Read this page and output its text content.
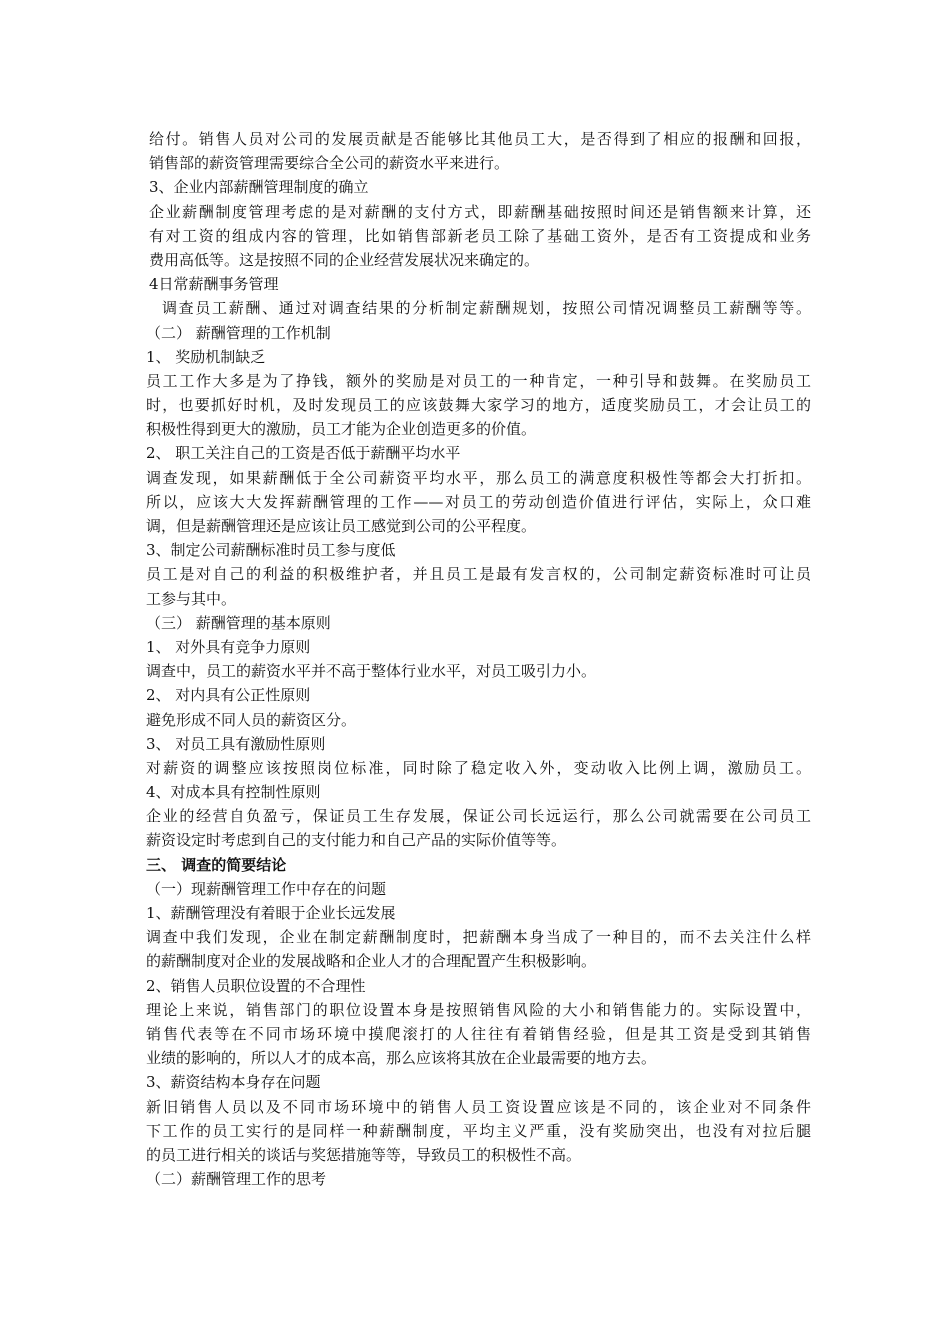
给付。销售人员对公司的发展贡献是否能够比其他员工大，是否得到了相应的报酬和回报，
销售部的薪资管理需要综合全公司的薪资水平来进行。
3、企业内部薪酬管理制度的确立
企业薪酬制度管理考虑的是对薪酬的支付方式，即薪酬基础按照时间还是销售额来计算，还
有对工资的组成内容的管理，比如销售部新老员工除了基础工资外，是否有工资提成和业务
费用高低等。这是按照不同的企业经营发展状况来确定的。
4日常薪酬事务管理
调查员工薪酬、通过对调查结果的分析制定薪酬规划，按照公司情况调整员工薪酬等等。
（二） 薪酬管理的工作机制
1、 奖励机制缺乏
员工工作大多是为了挣钱，额外的奖励是对员工的一种肯定，一种引导和鼓舞。在奖励员工
时，也要抓好时机，及时发现员工的应该鼓舞大家学习的地方，适度奖励员工，才会让员工的
积极性得到更大的激励，员工才能为企业创造更多的价值。
2、 职工关注自己的工资是否低于薪酬平均水平
调查发现，如果薪酬低于全公司薪资平均水平，那么员工的满意度积极性等都会大打折扣。
所以，应该大大发挥薪酬管理的工作——对员工的劳动创造价值进行评估，实际上，众口难
调，但是薪酬管理还是应该让员工感觉到公司的公平程度。
3、制定公司薪酬标准时员工参与度低
员工是对自己的利益的积极维护者，并且员工是最有发言权的，公司制定薪资标准时可让员
工参与其中。
（三） 薪酬管理的基本原则
1、 对外具有竞争力原则
调查中，员工的薪资水平并不高于整体行业水平，对员工吸引力小。
2、 对内具有公正性原则
避免形成不同人员的薪资区分。
3、 对员工具有激励性原则
对薪资的调整应该按照岗位标准，同时除了稳定收入外，变动收入比例上调，激励员工。
4、对成本具有控制性原则
企业的经营自负盈亏，保证员工生存发展，保证公司长远运行，那么公司就需要在公司员工
薪资设定时考虑到自己的支付能力和自己产品的实际价值等等。
三、 调查的简要结论
（一）现薪酬管理工作中存在的问题
1、薪酬管理没有着眼于企业长远发展
调查中我们发现，企业在制定薪酬制度时，把薪酬本身当成了一种目的，而不去关注什么样
的薪酬制度对企业的发展战略和企业人才的合理配置产生积极影响。
2、销售人员职位设置的不合理性
理论上来说，销售部门的职位设置本身是按照销售风险的大小和销售能力的。实际设置中，
销售代表等在不同市场环境中摸爬滚打的人往往有着销售经验，但是其工资是受到其销售
业绩的影响的，所以人才的成本高，那么应该将其放在企业最需要的地方去。
3、薪资结构本身存在问题
新旧销售人员以及不同市场环境中的销售人员工资设置应该是不同的，该企业对不同条件
下工作的员工实行的是同样一种薪酬制度，平均主义严重，没有奖励突出，也没有对拉后腿
的员工进行相关的谈话与奖惩措施等等，导致员工的积极性不高。
（二）薪酬管理工作的思考
